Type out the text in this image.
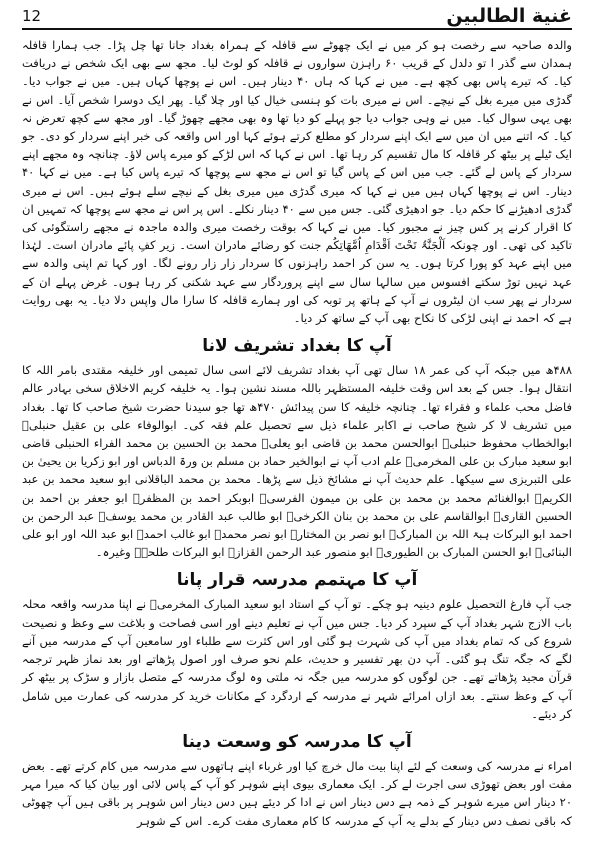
12	غنية الطالبين

والدہ صاحبہ سے رخصت ہو کر میں نے ایک چھوٹے سے قافلہ کے ہمراہ بغداد جانا تھا چل پڑا۔ جب ہمارا قافلہ ہمدان سے گذر ا تو دلدل کے قریب ۶۰ راہزن سواروں نے قافلہ کو لوٹ لیا۔ مجھ سے بھی ایک شخص نے دریافت کیا۔ کہ تیرے پاس بھی کچھ ہے۔ میں نے کہا کہ ہاں ۴۰ دینار ہیں۔ اس نے پوچھا کہاں ہیں۔ میں نے جواب دیا۔ گدڑی میں میرے بغل کے نیچے۔ اس نے میری بات کو ہنسی خیال کیا اور چلا گیا۔ پھر ایک دوسرا شخص آیا۔ اس نے بھی یہی سوال کیا۔ میں نے وہی جواب دیا جو پہلے کو دیا تھا وہ بھی مجھے چھوڑ گیا۔ اور مجھ سے کچھ تعرض نہ کیا۔ کہ اتنے میں ان میں سے ایک اپنے سردار کو مطلع کرتے ہوئے کہا اور اس واقعہ کی خبر اپنے سردار کو دی۔ جو ایک ٹیلے پر بیٹھ کر قافلہ کا مال تقسیم کر رہا تھا۔ اس نے کہا کہ اس لڑکے کو میرے پاس لاؤ۔ چنانچہ وہ مجھے اپنے سردار کے پاس لے گئے۔ جب میں اس کے پاس گیا تو اس نے مجھ سے پوچھا کہ تیرے پاس کیا ہے۔ میں نے کہا ۴۰ دینار۔ اس نے پوچھا کہاں ہیں میں نے کہا کہ میری گدڑی میں میری بغل کے نیچے سلے ہوئے ہیں۔ اس نے میری گدڑی ادھیڑنے کا حکم دیا۔ جو ادھیڑی گئی۔ جس میں سے ۴۰ دینار نکلے۔ اس پر اس نے مجھ سے پوچھا کہ تمہیں ان کا اقرار کرنے پر کس چیز نے مجبور کیا۔ میں نے کہا کہ بوقت رخصت میری والدہ ماجدہ نے مجھے راستگوئی کی تاکید کی تھی۔ اور چونکہ اَلْجَنَّۃُ تَحْتَ اَقْدَامِ اُمَّھَاتِکُم جنت کو رضائے مادران است۔ زیر کفِ پائے مادران است۔ لہٰذا میں اپنے عہد کو پورا کرتا ہوں۔ یہ سن کر احمد راہزنوں کا سردار زار زار رونے لگا۔ اور کہا تم اپنی والدہ سے عہد نہیں توڑ سکتے افسوس میں سالہا سال سے اپنے پروردگار سے عہد شکنی کر رہا ہوں۔ غرض پہلے ان کے سردار نے پھر سب ان لیٹروں نے آپ کے ہاتھ پر توبہ کی اور ہمارے قافلہ کا سارا مال واپس دلا دیا۔ یہ بھی روایت ہے کہ احمد نے اپنی لڑکی کا نکاح بھی آپ کے ساتھ کر دیا۔

آپ کا بغداد تشریف لانا

۴۸۸ھ میں جبکہ آپ کی عمر ۱۸ سال تھی آپ بغداد تشریف لائے اسی سال تمیمی اور خلیفہ مقتدی بامر اللہ کا انتقال ہوا۔ جس کے بعد اس وقت خلیفہ المستظہر باللہ مسند نشین ہوا۔ یہ خلیفہ کریم الاخلاق سخی بہادر عالم فاضل محب علماء و فقراء تھا۔ چنانچہ خلیفہ کا سن پیدائش ۴۷۰ھ تھا جو سیدنا حضرت شیخ صاحب کا تھا۔ بغداد میں تشریف لا کر شیخ صاحب نے اکابر علماء ذیل سے تحصیل علم فقہ کی۔ ابوالوفاء علی بن عقیل حنبلیؒ ابوالخطاب محفوظ حنبلیؒ ابوالحسن محمد بن قاضی ابو یعلیؒ محمد بن الحسین بن محمد الفراء الحنبلی قاضی ابو سعید مبارک بن علی المخرمیؒ علم ادب آپ نے ابوالخیر حماد بن مسلم بن ورۃ الدباس اور ابو زکریا بن یحییٰ بن علی التبریزی سے سیکھا۔ علم حدیث آپ نے مشائخ ذیل سے پڑھا۔ محمد بن محمد الباقلانی ابو سعید محمد بن عبد الکریمؒ ابوالغنائم محمد بن محمد بن علی بن میمون الفرسیؒ ابوبکر احمد بن المظفرؒ ابو جعفر بن احمد بن الحسین القاریؒ ابوالقاسم علی بن محمد بن بنان الکرخیؒ ابو طالب عبد القادر بن محمد یوسفؒ عبد الرحمن بن احمد ابو البرکات ہبۃ اللہ بن المبارکؒ ابو نصر بن المختارؒ ابو نصر محمدؒ ابو غالب احمدؒ ابو عبد اللہ اور ابو علی البنائیؒ ابو الحسن المبارک بن الطیوریؒ ابو منصور عبد الرحمن القزازؒ ابو البرکات طلحہؒ وغیرہ۔

آپ کا مہتمم مدرسہ قرار پانا

جب آپ فارغ التحصیل علوم دینیہ ہو چکے۔ تو آپ کے استاد ابو سعید المبارک المخرمیؒ نے اپنا مدرسہ واقعہ محلہ باب الازج شہر بغداد آپ کے سپرد کر دیا۔ جس میں آپ نے تعلیم دینے اور اسی فصاحت و بلاغت سے وعظ و نصیحت شروع کی کہ تمام بغداد میں آپ کی شہرت ہو گئی اور اس کثرت سے طلباء اور سامعین آپ کے مدرسہ میں آنے لگے کہ جگہ تنگ ہو گئی۔ آپ دن بھر تفسیر و حدیث، علم نحو صرف اور اصول پڑھاتے اور بعد نماز ظہر ترجمہ قرآن مجید پڑھاتے تھے۔ جن لوگوں کو مدرسہ میں جگہ نہ ملتی وہ لوگ مدرسہ کے متصل بازار و سڑک پر بیٹھ کر آپ کے وعظ سنتے۔ بعد ازاں امرائے شہر نے مدرسہ کے اردگرد کے مکانات خرید کر مدرسہ کی عمارت میں شامل کر دیئے۔

آپ کا مدرسہ کو وسعت دینا

امراء نے مدرسہ کی وسعت کے لئے اپنا بیت مال خرچ کیا اور غرباء اپنے ہاتھوں سے مدرسہ میں کام کرتے تھے۔ بعض مفت اور بعض تھوڑی سی اجرت لے کر۔ ایک معماری بیوی اپنے شوہر کو آپ کے پاس لائی اور بیان کیا کہ میرا مہر ۲۰ دینار اس میرے شوہر کے ذمہ ہے دس دینار اس نے ادا کر دیئے ہیں دس دینار اس شوہر پر باقی ہیں آپ چھوٹی کہ باقی نصف دس دینار کے بدلے یہ آپ کے مدرسہ کا کام معماری مفت کرے۔ اس کے شوہر
